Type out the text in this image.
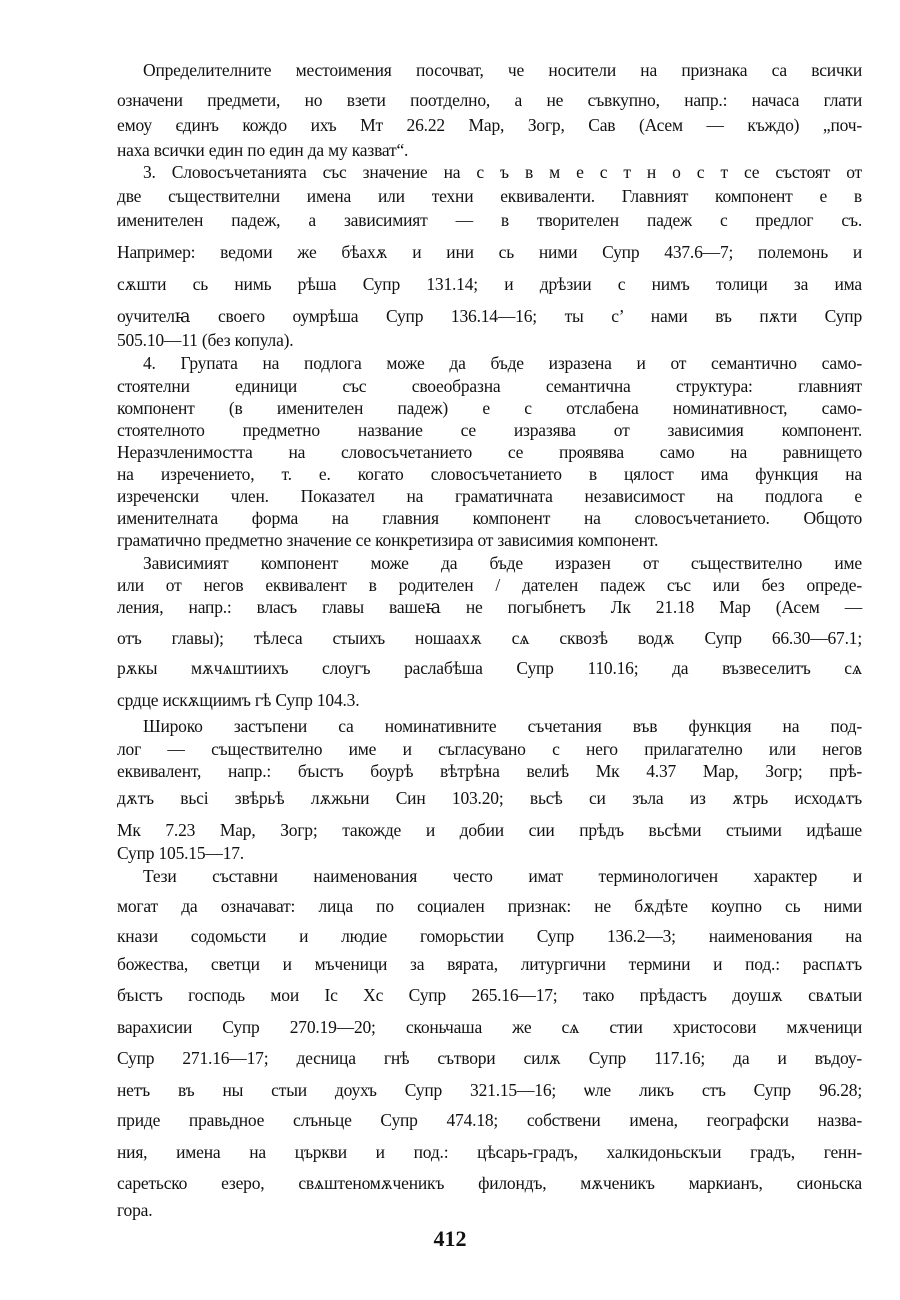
Определителните местоимения посочват, че носители на признака са всички
означени предмети, но взети поотделно, а не съвкупно, напр.: начаса глати
емоу єдинъ кождо ихъ Мт 26.22 Мар, Зогр, Сав (Асем — къждо) „поч-
наха всички един по един да му казват“.
3. Словосъчетанията със значение на с ъ в м е с т н о с т се състоят от
две съществителни имена или техни еквиваленти. Главният компонент е в
именителен падеж, а зависимият — в творителен падеж с предлог съ.
Например: ведоми же бѣахѫ и ини сь ними Супр 437.6—7; полемонь и
сѫшти сь нимь рѣша Супр 131.14; и дрѣзии с нимъ толици за има
оучителꙗ своего оумрѣша Супр 136.14—16; ты с’ нами въ пѫти Супр
505.10—11 (без копула).
4. Групата на подлога може да бъде изразена и от семантично само-
стоятелни единици със своеобразна семантична структура: главният
компонент (в именителен падеж) е с отслабена номинативност, само-
стоятелното предметно название се изразява от зависимия компонент.
Неразчленимостта на словосъчетанието се проявява само на равнището
на изречението, т. е. когато словосъчетанието в цялост има функция на
изреченски член. Показател на граматичната независимост на подлога е
именителната форма на главния компонент на словосъчетанието. Общото
граматично предметно значение се конкретизира от зависимия компонент.
Зависимият компонент може да бъде изразен от съществително име
или от негов еквивалент в родителен / дателен падеж със или без опреде-
ления, напр.: власъ главы вашеꙗ не погыбнетъ Лк 21.18 Мар (Асем —
отъ главы); тѣлеса стыихъ ношаахѫ сѧ сквозѣ водѫ Супр 66.30—67.1;
рѫкы мѫчѧштиихъ слоугъ раслабѣша Супр 110.16; да възвеселитъ сѧ
срдце искѫщиимъ гѣ Супр 104.3.
Широко застъпени са номинативните съчетания във функция на под-
лог — съществително име и съгласувано с него прилагателно или негов
еквивалент, напр.: бъıстъ боурѣ вѣтрѣна велиѣ Мк 4.37 Мар, Зогр; прѣ-
дѫтъ вьсi звѣрьѣ лѫжьни Син 103.20; вьсѣ си зъла из ѫтрь исходѧтъ
Мк 7.23 Мар, Зогр; такожде и добии сии прѣдъ вьсѣми стыими идѣаше
Супр 105.15—17.
Тези съставни наименования често имат терминологичен характер и
могат да означават: лица по социален признак: не бѫдѣте коупно сь ними
кнази содомьсти и людие гоморьстии Супр 136.2—3; наименования на
божества, светци и мъченици за вярата, литургични термини и под.: распѧтъ
бъıстъ господь мои Іс Хс Супр 265.16—17; тако прѣдастъ доушѫ свѧтыи
варахисии Супр 270.19—20; сконьчаша же сѧ стии христосови мѫченици
Супр 271.16—17; десница гнѣ сътвори силѫ Супр 117.16; да и въдоу-
нетъ въ ны стыи доухъ Супр 321.15—16; ѡле ликъ стъ Супр 96.28;
приде правьдное слъньце Супр 474.18; собствени имена, географски назва-
ния, имена на църкви и под.: цѣсарь-градъ, халкидоньскъıи градъ, генн-
саретьско езеро, свѧштеномѫченикъ филондъ, мѫченикъ маркианъ, сионьска
гора.
412
